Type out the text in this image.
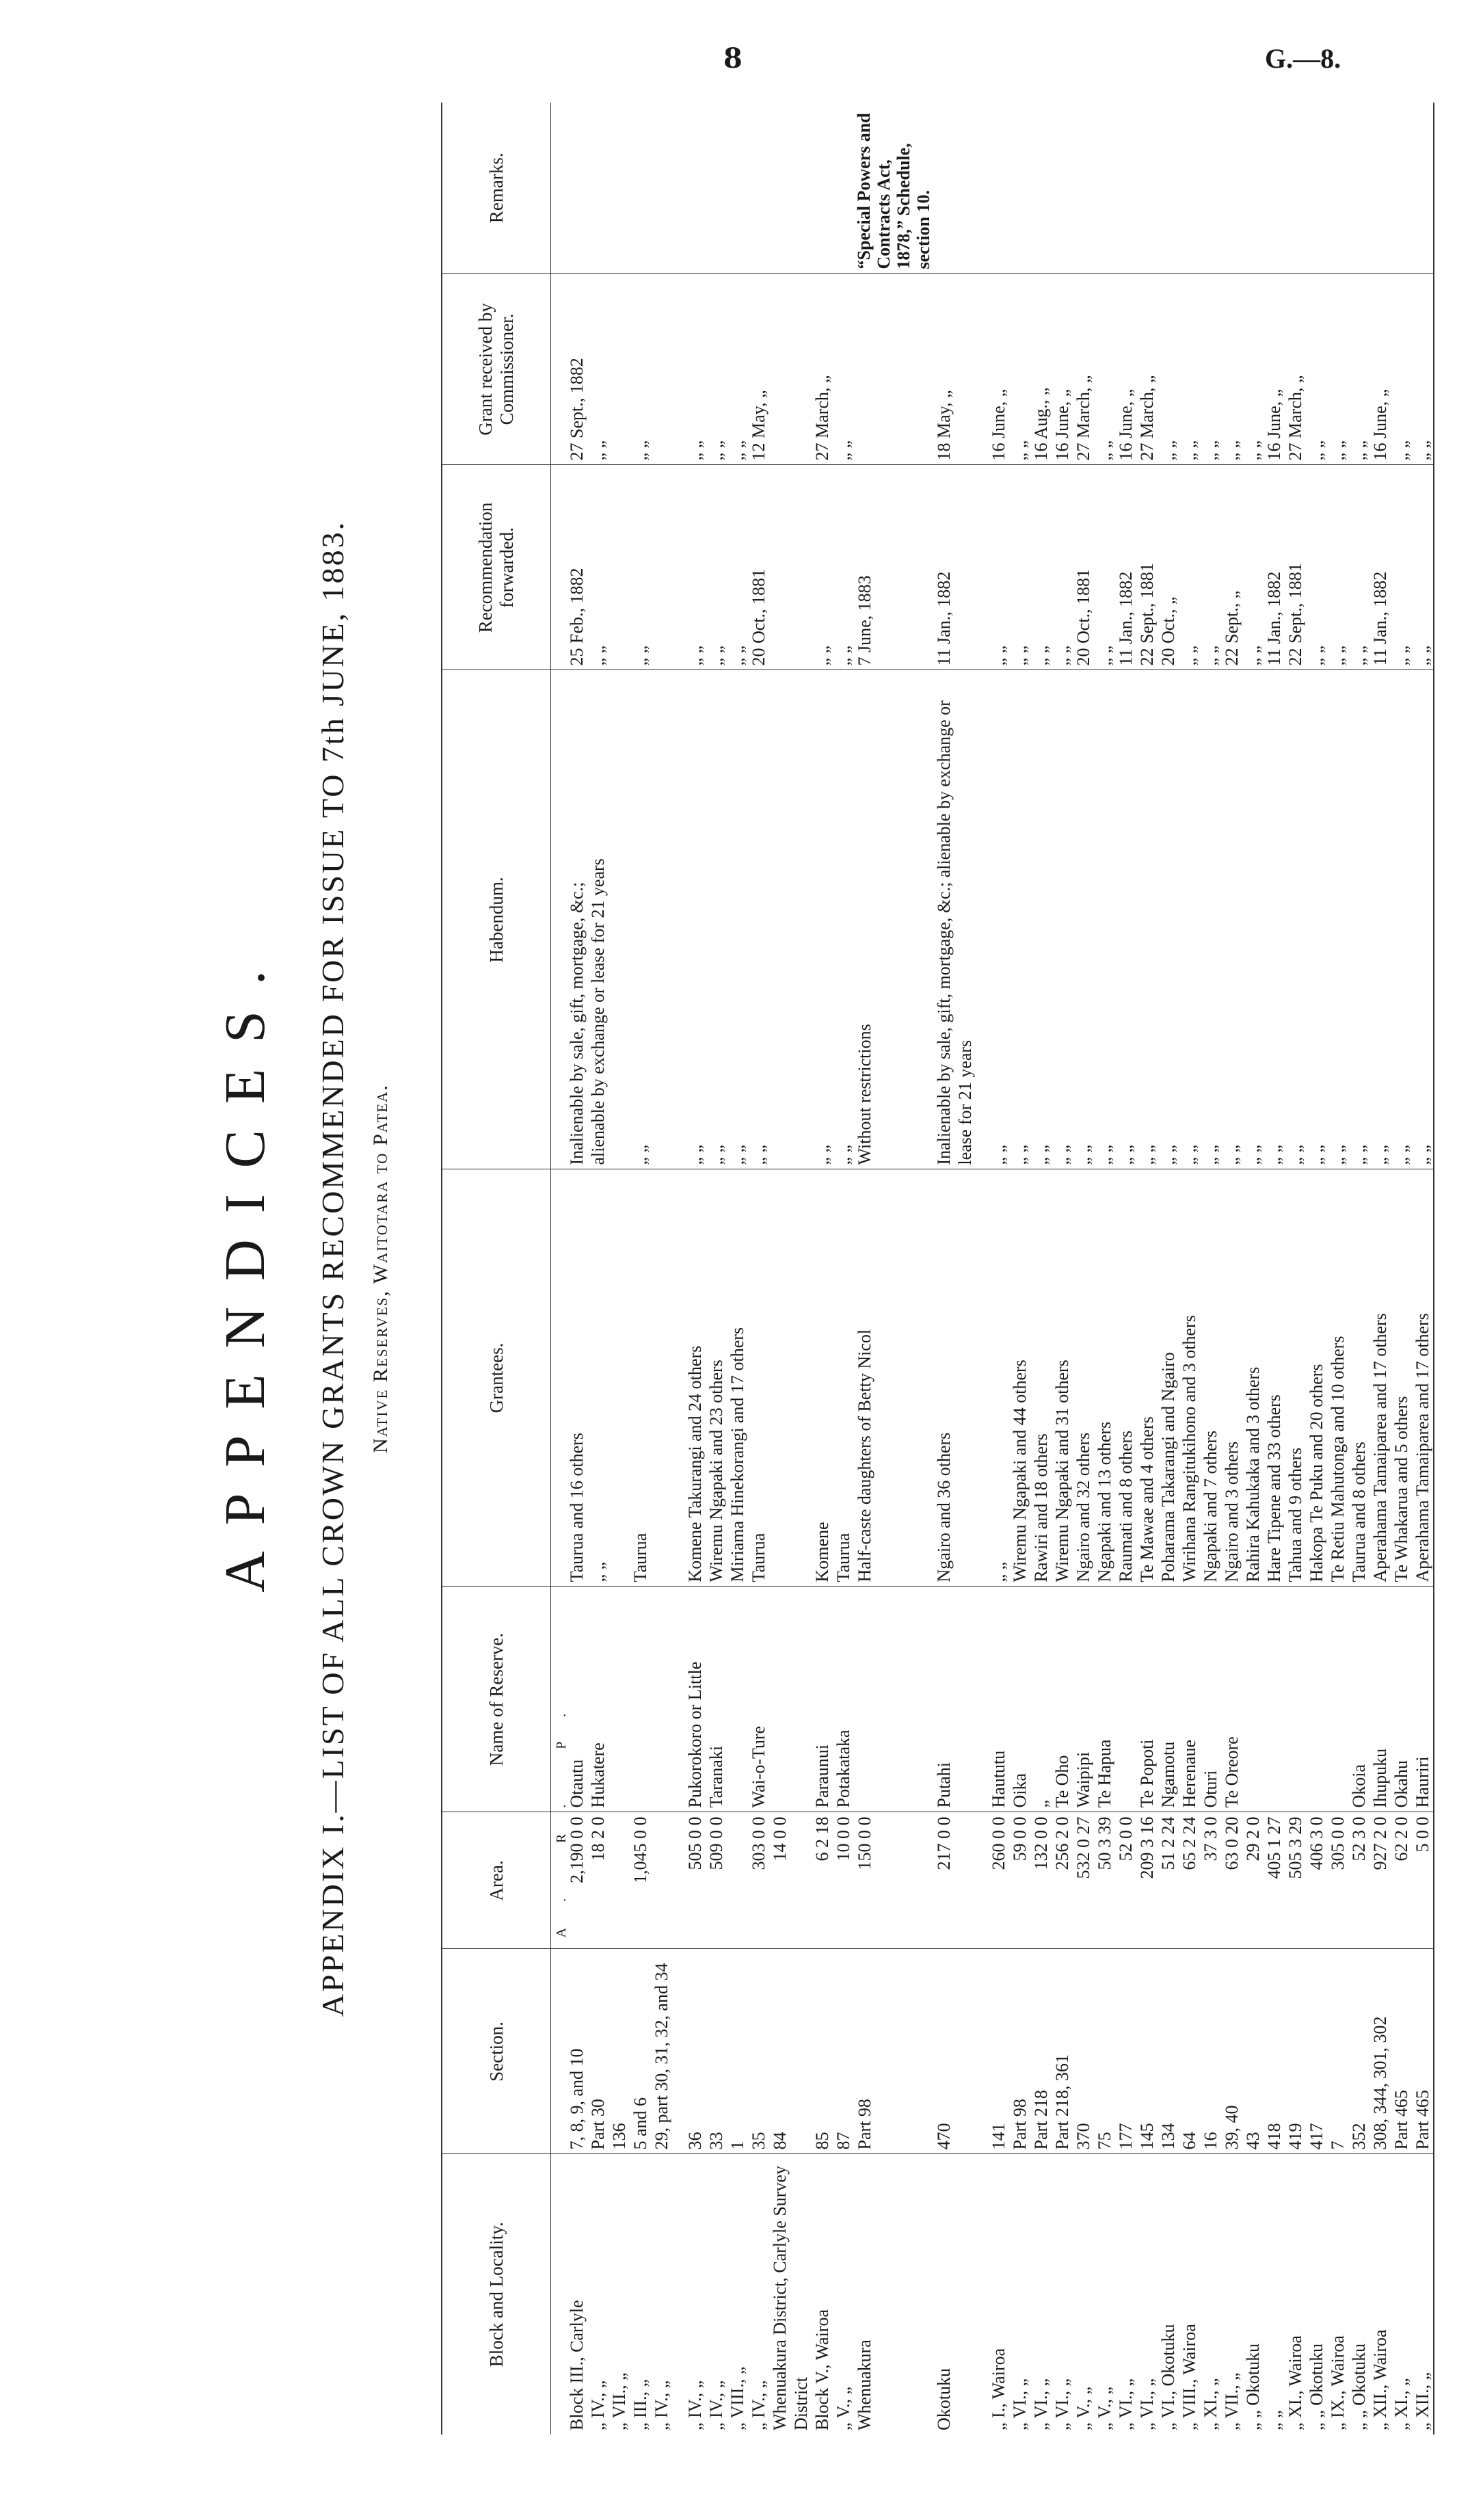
8	G.—8.
APPENDICES. APPENDIX I.—LIST OF ALL CROWN GRANTS RECOMMENDED FOR ISSUE TO 7th JUNE, 1883. Native Reserves, Waitotara to Patea.
Block and Locality.	Section.	Area.	Name of Reserve.	Grantees.	Habendum.	Recommendation forwarded.	Grant received by Commissioner.	Remarks.

		A. R. P.						

Block III., Carlyle	7, 8, 9, and 10	2,190 0 0	Otautu	Taurua and 16 others	Inalienable by sale, gift, mortgage, &c.;	25 Feb., 1882	27 Sept., 1882	
„ IV., „	Part 30	18 2 0	Hukatere	„ „	alienable by exchange or lease for 21 years	„ „	„ „	
„ VII., „	136							
„ III., „	5 and 6	1,045 0 0		Taurua	„ „	„ „	„ „	
„ IV., „	29, part 30, 31, 32, and 34							

„ IV., „	36	505 0 0	Pukorokoro or Little	Komene Takurangi and 24 others	„ „	„ „	„ „	
„ IV., „	33	509 0 0	Taranaki	Wiremu Ngapaki and 23 others	„ „	„ „	„ „	
„ VIII., „	1			Miriama Hinekorangi and 17 others	„ „	„ „	„ „	
„ IV., „	35	303 0 0	Wai-o-Ture	Taurua	„ „	20 Oct., 1881	12 May, „	
Whenuakura District, Carlyle Survey District	84	14 0 0						
Block V., Wairoa	85	6 2 18	Paraunui	Komene	„ „	„ „	27 March, „	
„ V., „	87	10 0 0	Potakataka	Taurua	„ „	„ „	„ „	
Whenuakura	Part 98	150 0 0		Half-caste daughters of Betty Nicol	Without restrictions	7 June, 1883		“Special Powers and Contracts Act, 1878,” Schedule, section 10.
Okotuku	470	217 0 0	Putahi	Ngairo and 36 others	Inalienable by sale, gift, mortgage, &c.; alienable by exchange or lease for 21 years	11 Jan., 1882	18 May, „	

„ I., Wairoa	141	260 0 0	Haututu	„ „	„ „	„ „	16 June, „	
„ VI., „	Part 98	59 0 0	Oika	Wiremu Ngapaki and 44 others	„ „	„ „	„ „	
„ VI., „	Part 218	132 0 0	„	Rawiri and 18 others	„ „	„ „	16 Aug., „	
„ VI., „	Part 218, 361	256 2 0	Te Oho	Wiremu Ngapaki and 31 others	„ „	„ „	16 June, „	
„ V., „	370	532 0 27	Waipipi	Ngairo and 32 others	„ „	20 Oct., 1881	27 March, „	
„ V., „	75	50 3 39	Te Hapua	Ngapaki and 13 others	„ „	„ „	„ „	
„ VI., „	177	52 0 0		Raumati and 8 others	„ „	11 Jan., 1882	16 June, „	
„ VI., „	145	209 3 16	Te Popoti	Te Mawae and 4 others	„ „	22 Sept., 1881	27 March, „	
„ VI., Okotuku	134	51 2 24	Ngamotu	Poharama Takarangi and Ngairo	„ „	20 Oct., „	„ „	
„ VIII., Wairoa	64	65 2 24	Herenaue	Wirihana Rangitukihono and 3 others	„ „	„ „	„ „	
„ XI., „	16	37 3 0	Oturi	Ngapaki and 7 others	„ „	„ „	„ „	
„ VII., „	39, 40	63 0 20	Te Oreore	Ngairo and 3 others	„ „	22 Sept., „	„ „	
„ „ Okotuku	43	29 2 0		Rahira Kahukaka and 3 others	„ „	„ „	„ „	
„ „	418	405 1 27		Hare Tipene and 33 others	„ „	11 Jan., 1882	16 June, „	
„ XI., Wairoa	419	505 3 29		Tahua and 9 others	„ „	22 Sept., 1881	27 March, „	
„ „ Okotuku	417	406 3 0		Hakopa Te Puku and 20 others	„ „	„ „	„ „	
„ IX., Wairoa	7	305 0 0		Te Retiu Mahutonga and 10 others	„ „	„ „	„ „	
„ „ Okotuku	352	52 3 0	Okoia	Taurua and 8 others	„ „	„ „	„ „	
„ XII., Wairoa	308, 344, 301, 302	927 2 0	Ihupuku	Aperahama Tamaiparea and 17 others	„ „	11 Jan., 1882	16 June, „	
„ XI., „	Part 465	62 2 0	Okahu	Te Whakarua and 5 others	„ „	„ „	„ „	
„ XII., „	Part 465	5 0 0	Hauriri	Aperahama Tamaiparea and 17 others	„ „	„ „	„ „	
